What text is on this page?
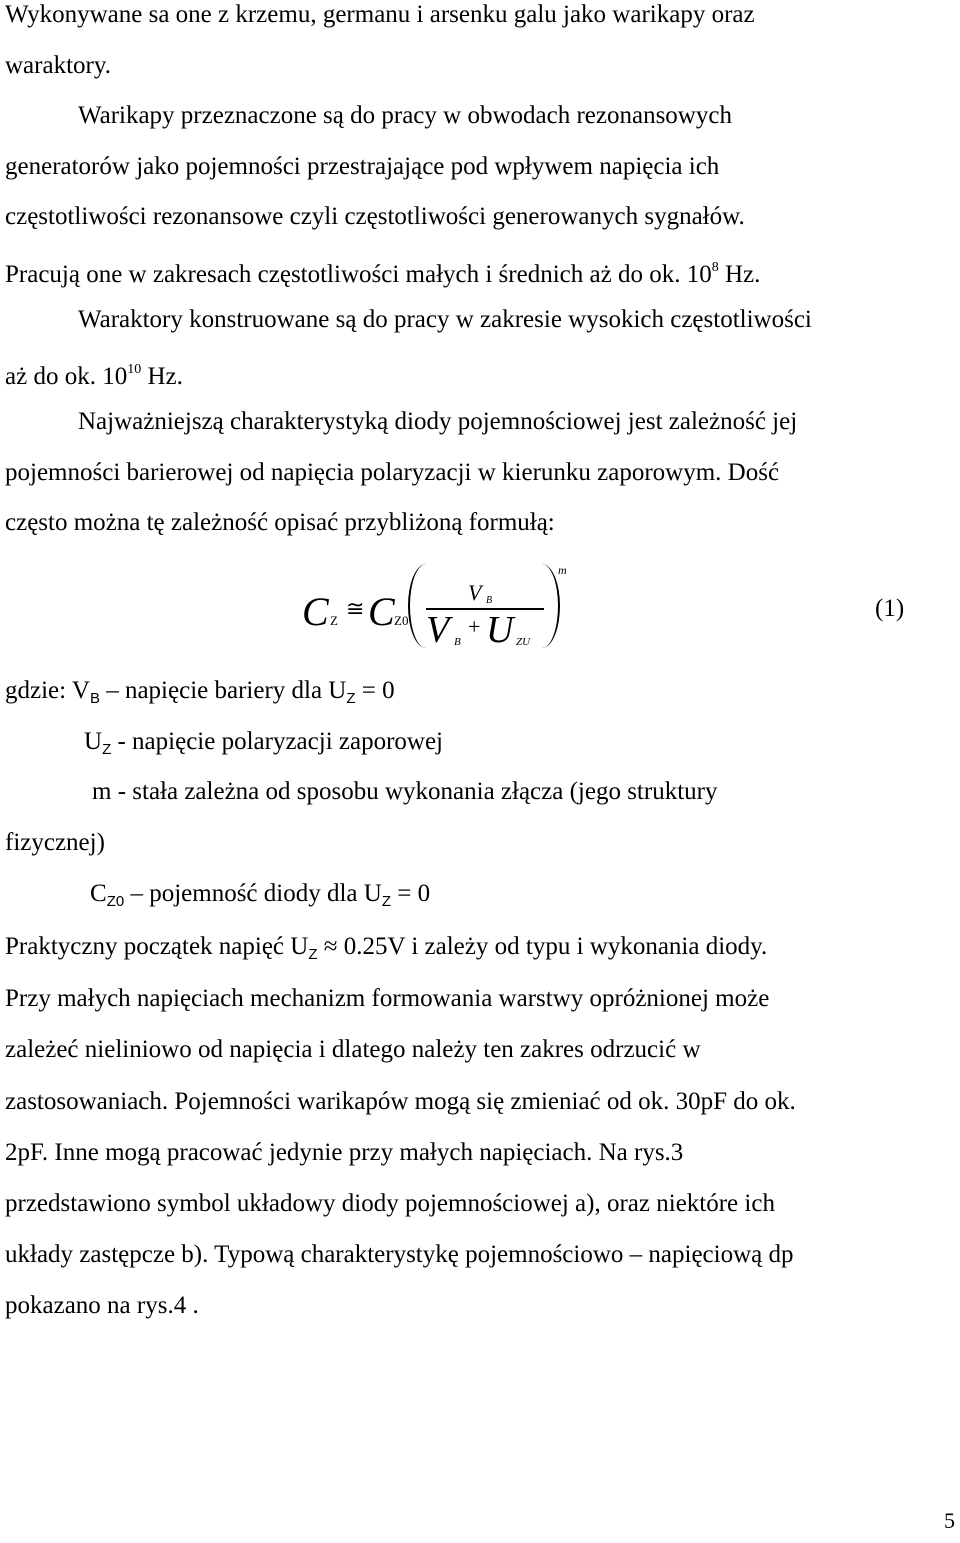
Wykonywane sa one z krzemu, germanu i arsenku galu jako warikapy oraz
waraktory.
Warikapy przeznaczone są do pracy w obwodach rezonansowych
generatorów jako pojemności przestrajające pod wpływem napięcia ich
częstotliwości rezonansowe czyli częstotliwości generowanych sygnałów.
Pracują one w zakresach częstotliwości małych i średnich aż do ok. $10^8$ Hz.
Waraktory konstruowane są do pracy w zakresie wysokich częstotliwości
aż do ok. $10^{10}$ Hz.
Najważniejszą charakterystyką diody pojemnościowej jest zależność jej
pojemności barierowej od napięcia polaryzacji w kierunku zaporowym. Dość
często można tę zależność opisać przybliżoną formułą:
C Z ≅ C Z0
V B
V B
+ U ZU
m
(1)
gdzie: $V_B$ – napięcie bariery dla $U_Z = 0$
$U_Z$ - napięcie polaryzacji zaporowej
m - stała zależna od sposobu wykonania złącza (jego struktury
fizycznej)
$C_{Z0}$ – pojemność diody dla $U_Z = 0$
Praktyczny początek napięć $U_Z \approx 0.25V$ i zależy od typu i wykonania diody.
Przy małych napięciach mechanizm formowania warstwy opróżnionej może
zależeć nieliniowo od napięcia i dlatego należy ten zakres odrzucić w
zastosowaniach. Pojemności warikapów mogą się zmieniać od ok. 30pF do ok.
2pF. Inne mogą pracować jedynie przy małych napięciach. Na rys.3
przedstawiono symbol układowy diody pojemnościowej a), oraz niektóre ich
układy zastępcze b). Typową charakterystykę pojemnościowo – napięciową dp
pokazano na rys.4 .
5
